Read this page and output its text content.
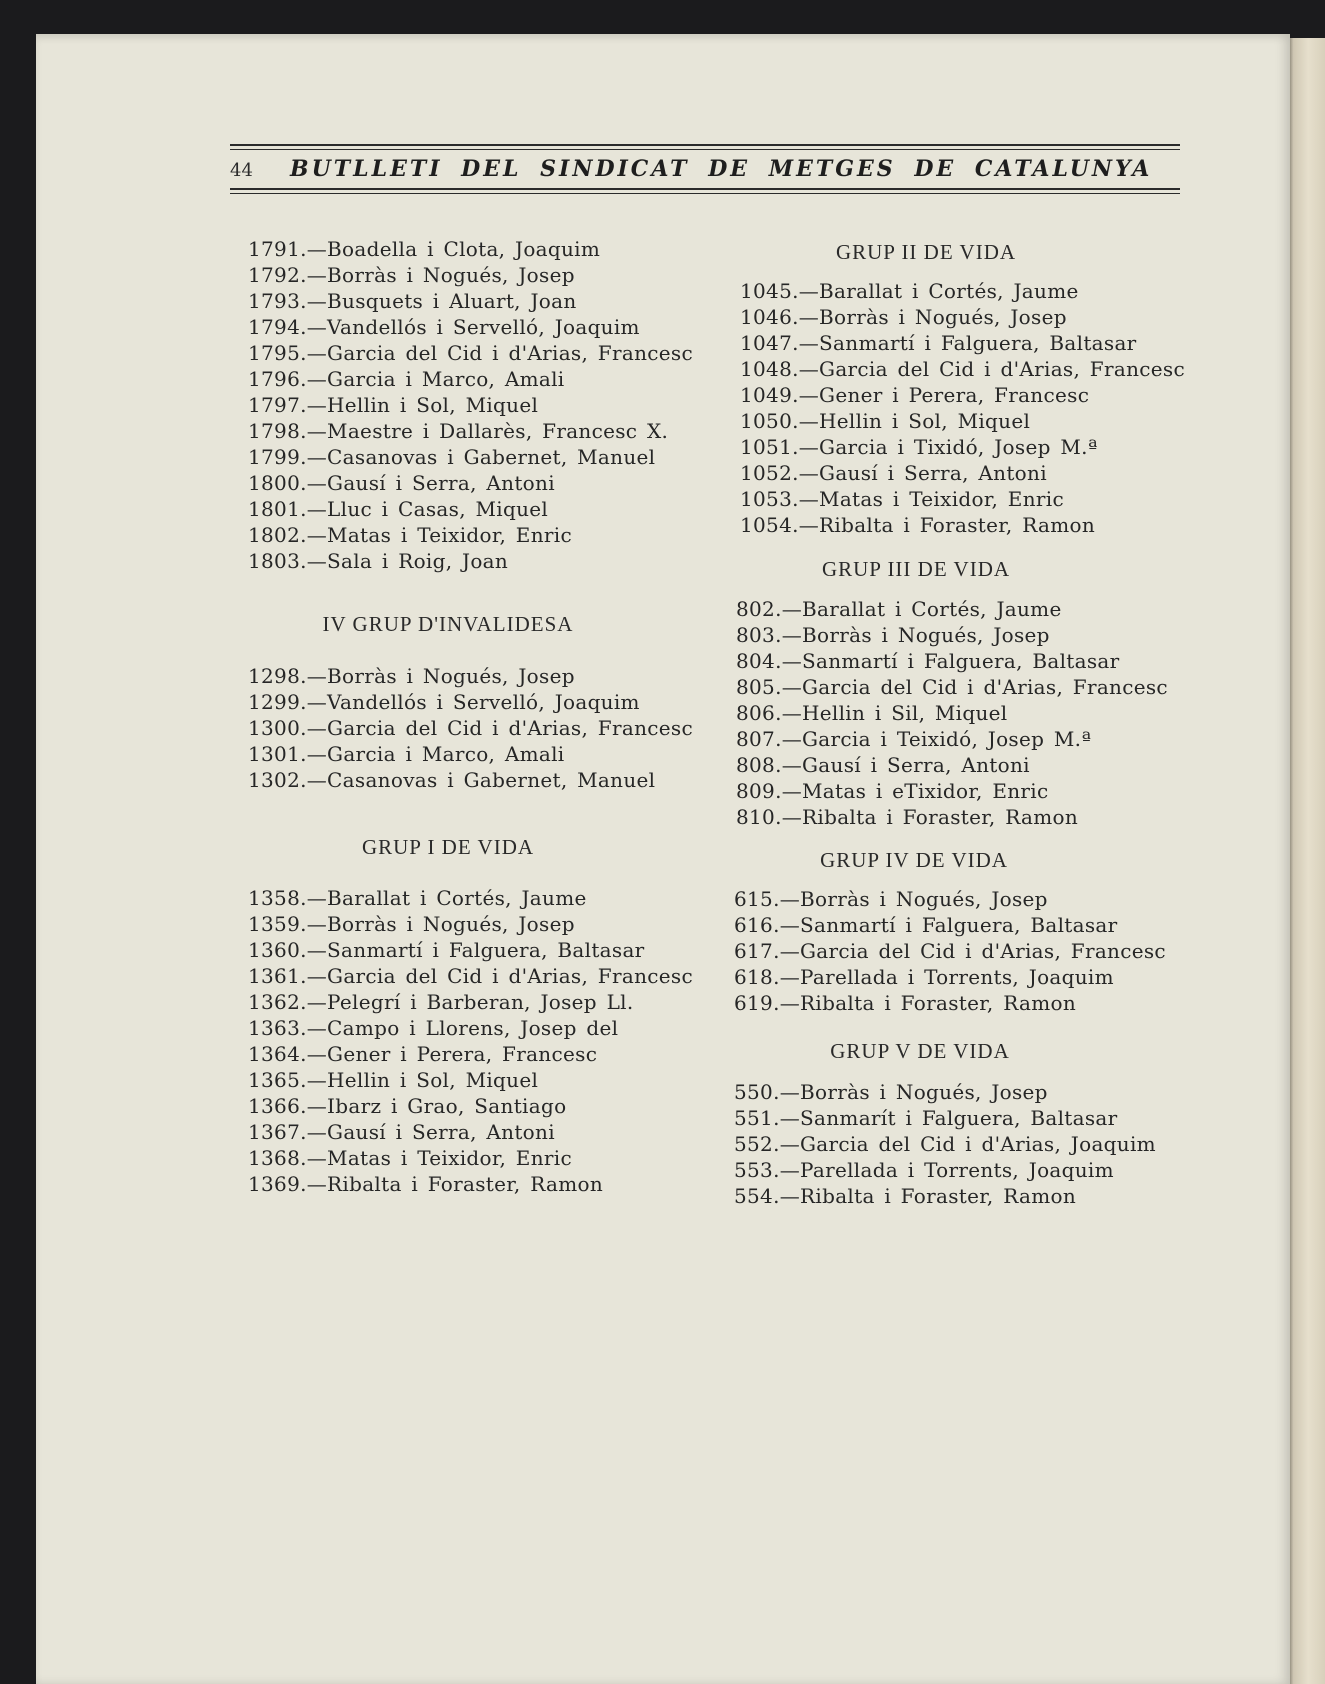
44	BUTLLETI DEL SINDICAT DE METGES DE CATALUNYA
1791.—Boadella i Clota, Joaquim
1792.—Borràs i Nogués, Josep
1793.—Busquets i Aluart, Joan
1794.—Vandellós i Servelló, Joaquim
1795.—Garcia del Cid i d'Arias, Francesc
1796.—Garcia i Marco, Amali
1797.—Hellin i Sol, Miquel
1798.—Maestre i Dallarès, Francesc X.
1799.—Casanovas i Gabernet, Manuel
1800.—Gausí i Serra, Antoni
1801.—Lluc i Casas, Miquel
1802.—Matas i Teixidor, Enric
1803.—Sala i Roig, Joan
IV GRUP D'INVALIDESA
1298.—Borràs i Nogués, Josep
1299.—Vandellós i Servelló, Joaquim
1300.—Garcia del Cid i d'Arias, Francesc
1301.—Garcia i Marco, Amali
1302.—Casanovas i Gabernet, Manuel
GRUP I DE VIDA
1358.—Barallat i Cortés, Jaume
1359.—Borràs i Nogués, Josep
1360.—Sanmartí i Falguera, Baltasar
1361.—Garcia del Cid i d'Arias, Francesc
1362.—Pelegrí i Barberan, Josep Ll.
1363.—Campo i Llorens, Josep del
1364.—Gener i Perera, Francesc
1365.—Hellin i Sol, Miquel
1366.—Ibarz i Grao, Santiago
1367.—Gausí i Serra, Antoni
1368.—Matas i Teixidor, Enric
1369.—Ribalta i Foraster, Ramon
GRUP II DE VIDA
1045.—Barallat i Cortés, Jaume
1046.—Borràs i Nogués, Josep
1047.—Sanmartí i Falguera, Baltasar
1048.—Garcia del Cid i d'Arias, Francesc
1049.—Gener i Perera, Francesc
1050.—Hellin i Sol, Miquel
1051.—Garcia i Tixidó, Josep M.ª
1052.—Gausí i Serra, Antoni
1053.—Matas i Teixidor, Enric
1054.—Ribalta i Foraster, Ramon
GRUP III DE VIDA
802.—Barallat i Cortés, Jaume
803.—Borràs i Nogués, Josep
804.—Sanmartí i Falguera, Baltasar
805.—Garcia del Cid i d'Arias, Francesc
806.—Hellin i Sil, Miquel
807.—Garcia i Teixidó, Josep M.ª
808.—Gausí i Serra, Antoni
809.—Matas i eTixidor, Enric
810.—Ribalta i Foraster, Ramon
GRUP IV DE VIDA
615.—Borràs i Nogués, Josep
616.—Sanmartí i Falguera, Baltasar
617.—Garcia del Cid i d'Arias, Francesc
618.—Parellada i Torrents, Joaquim
619.—Ribalta i Foraster, Ramon
GRUP V DE VIDA
550.—Borràs i Nogués, Josep
551.—Sanmarít i Falguera, Baltasar
552.—Garcia del Cid i d'Arias, Joaquim
553.—Parellada i Torrents, Joaquim
554.—Ribalta i Foraster, Ramon
